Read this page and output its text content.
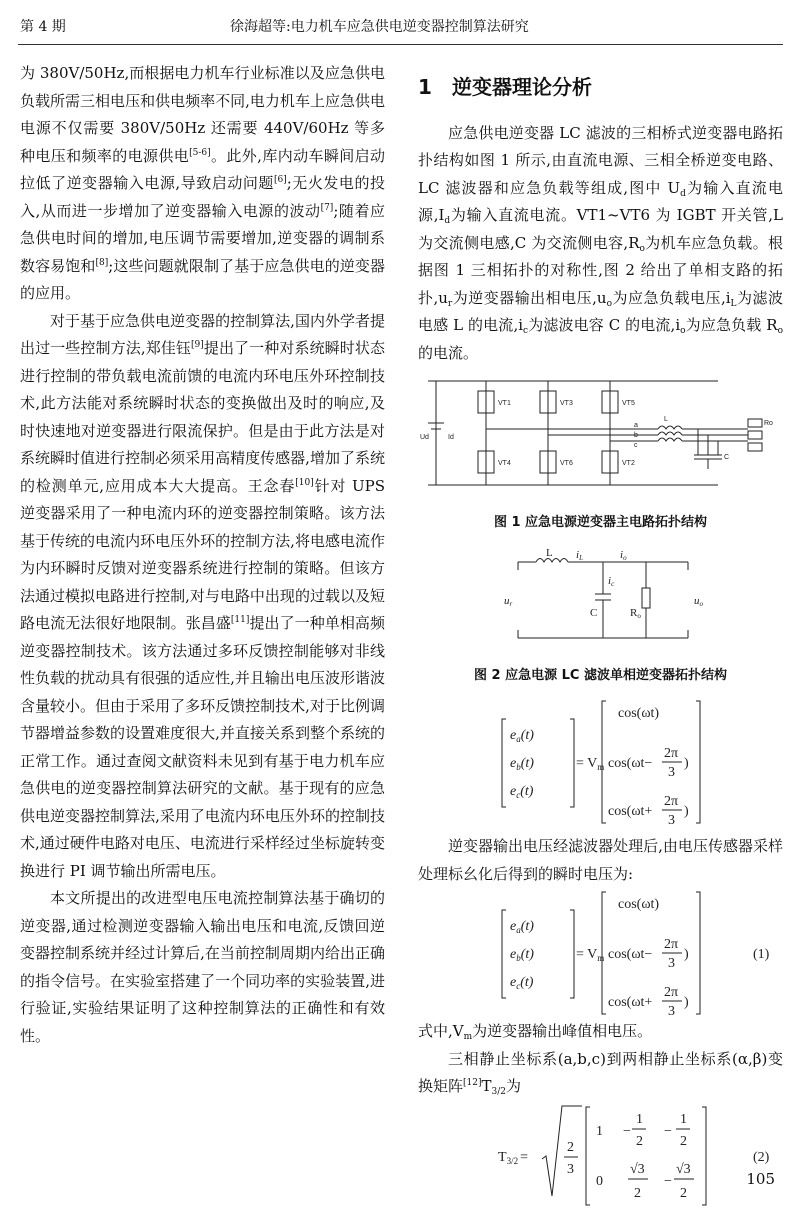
第 4 期	徐海超等:电力机车应急供电逆变器控制算法研究

为 380V/50Hz,而根据电力机车行业标准以及应急供电负载所需三相电压和供电频率不同,电力机车上应急供电电源不仅需要 380V/50Hz 还需要 440V/60Hz 等多种电压和频率的电源供电[5-6]。此外,库内动车瞬间启动拉低了逆变器输入电源,导致启动问题[6];无火发电的投入,从而进一步增加了逆变器输入电源的波动[7];随着应急供电时间的增加,电压调节需要增加,逆变器的调制系数容易饱和[8];这些问题就限制了基于应急供电的逆变器的应用。

对于基于应急供电逆变器的控制算法,国内外学者提出过一些控制方法,郑佳钰[9]提出了一种对系统瞬时状态进行控制的带负载电流前馈的电流内环电压外环控制技术,此方法能对系统瞬时状态的变换做出及时的响应,及时快速地对逆变器进行限流保护。但是由于此方法是对系统瞬时值进行控制必须采用高精度传感器,增加了系统的检测单元,应用成本大大提高。王念春[10]针对 UPS 逆变器采用了一种电流内环的逆变器控制策略。该方法基于传统的电流内环电压外环的控制方法,将电感电流作为内环瞬时反馈对逆变器系统进行控制的策略。但该方法通过模拟电路进行控制,对与电路中出现的过载以及短路电流无法很好地限制。张昌盛[11]提出了一种单相高频逆变器控制技术。该方法通过多环反馈控制能够对非线性负载的扰动具有很强的适应性,并且输出电压波形谐波含量较小。但由于采用了多环反馈控制技术,对于比例调节器增益参数的设置难度很大,并直接关系到整个系统的正常工作。通过查阅文献资料未见到有基于电力机车应急供电的逆变器控制算法研究的文献。基于现有的应急供电逆变器控制算法,采用了电流内环电压外环的控制技术,通过硬件电路对电压、电流进行采样经过坐标旋转变换进行 PI 调节输出所需电压。

本文所提出的改进型电压电流控制算法基于确切的逆变器,通过检测逆变器输入输出电压和电流,反馈回逆变器控制系统并经过计算后,在当前控制周期内给出正确的指令信号。在实验室搭建了一个同功率的实验装置,进行验证,实验结果证明了这种控制算法的正确性和有效性。

1 逆变器理论分析

应急供电逆变器 LC 滤波的三相桥式逆变器电路拓扑结构如图 1 所示,由直流电源、三相全桥逆变电路、LC 滤波器和应急负载等组成,图中 $U_d$为输入直流电源$,I_d$为输入直流电流。VT1~VT6 为 IGBT 开关管,L 为交流侧电感,C 为交流侧电容$,R_o$为机车应急负载。根据图 1 三相拓扑的对称性,图 2 给出了单相支路的拓扑$,u_r$为逆变器输出相电压$,u_o$为应急负载电压$,i_L$为滤波电感 L 的电流$,i_c$为滤波电容 C 的电流$,i_o$为应急负载 $R_o$的电流。

VT1	VT3	VT5
VT4	VT6	VT2
Ud	Id
L
C
Ro
a
b
c
图 1 应急电源逆变器主电路拓扑结构
L iL	io
ic
C	Ro
ur	uo
图 2 应急电源 LC 滤波单相逆变器拓扑结构
$e_a(t)$
$e_b(t)$
$e_c(t)$
= $V_m$
cos(ωt)
cos(ωt−
2π
3
)
cos(ωt+
2π
3
)

逆变器输出电压经滤波器处理后,由电压传感器采样处理标幺化后得到的瞬时电压为:

$e_a(t)$
$e_b(t)$
$e_c(t)$
= $V_m$
cos(ωt)
cos(ωt−
2π
3
)
cos(ωt+
2π
3
)
(1)

式中$,V_m$为逆变器输出峰值相电压。

三相静止坐标系(a,b,c)到两相静止坐标系(α,β)变换矩阵$[12]T_{3/2}$为

$T_{3/2}$ =
2
3
1 −
1
2
−
1
2
0
√3
2
−
√3
2
(2)
105
